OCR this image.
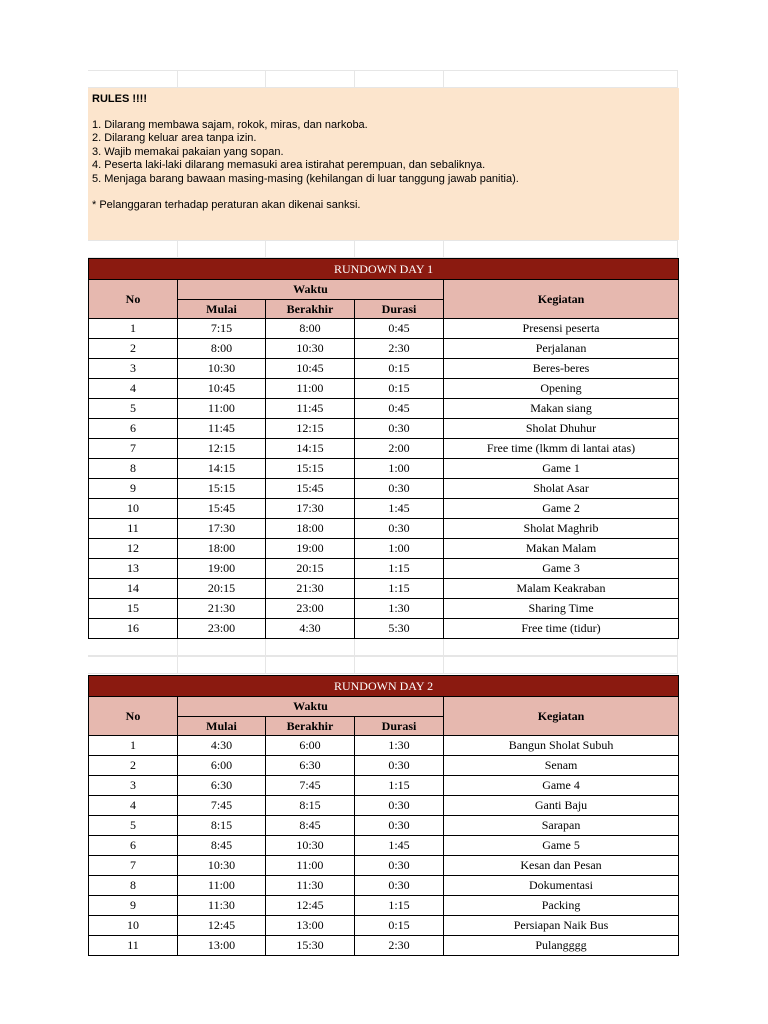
RULES !!!!
1. Dilarang membawa sajam, rokok, miras, dan narkoba.
2. Dilarang keluar area tanpa izin.
3. Wajib memakai pakaian yang sopan.
4. Peserta laki-laki dilarang memasuki area istirahat perempuan, dan sebaliknya.
5. Menjaga barang bawaan masing-masing (kehilangan di luar tanggung jawab panitia).
* Pelanggaran terhadap peraturan akan dikenai sanksi.
RUNDOWN DAY 1				
No	Waktu			Kegiatan
	Mulai	Berakhir	Durasi	
1	7:15	8:00	0:45	Presensi peserta
2	8:00	10:30	2:30	Perjalanan
3	10:30	10:45	0:15	Beres-beres
4	10:45	11:00	0:15	Opening
5	11:00	11:45	0:45	Makan siang
6	11:45	12:15	0:30	Sholat Dhuhur
7	12:15	14:15	2:00	Free time (lkmm di lantai atas)
8	14:15	15:15	1:00	Game 1
9	15:15	15:45	0:30	Sholat Asar
10	15:45	17:30	1:45	Game 2
11	17:30	18:00	0:30	Sholat Maghrib
12	18:00	19:00	1:00	Makan Malam
13	19:00	20:15	1:15	Game 3
14	20:15	21:30	1:15	Malam Keakraban
15	21:30	23:00	1:30	Sharing Time
16	23:00	4:30	5:30	Free time (tidur)
RUNDOWN DAY 2				
No	Waktu			Kegiatan
	Mulai	Berakhir	Durasi	
1	4:30	6:00	1:30	Bangun Sholat Subuh
2	6:00	6:30	0:30	Senam
3	6:30	7:45	1:15	Game 4
4	7:45	8:15	0:30	Ganti Baju
5	8:15	8:45	0:30	Sarapan
6	8:45	10:30	1:45	Game 5
7	10:30	11:00	0:30	Kesan dan Pesan
8	11:00	11:30	0:30	Dokumentasi
9	11:30	12:45	1:15	Packing
10	12:45	13:00	0:15	Persiapan Naik Bus
11	13:00	15:30	2:30	Pulangggg
